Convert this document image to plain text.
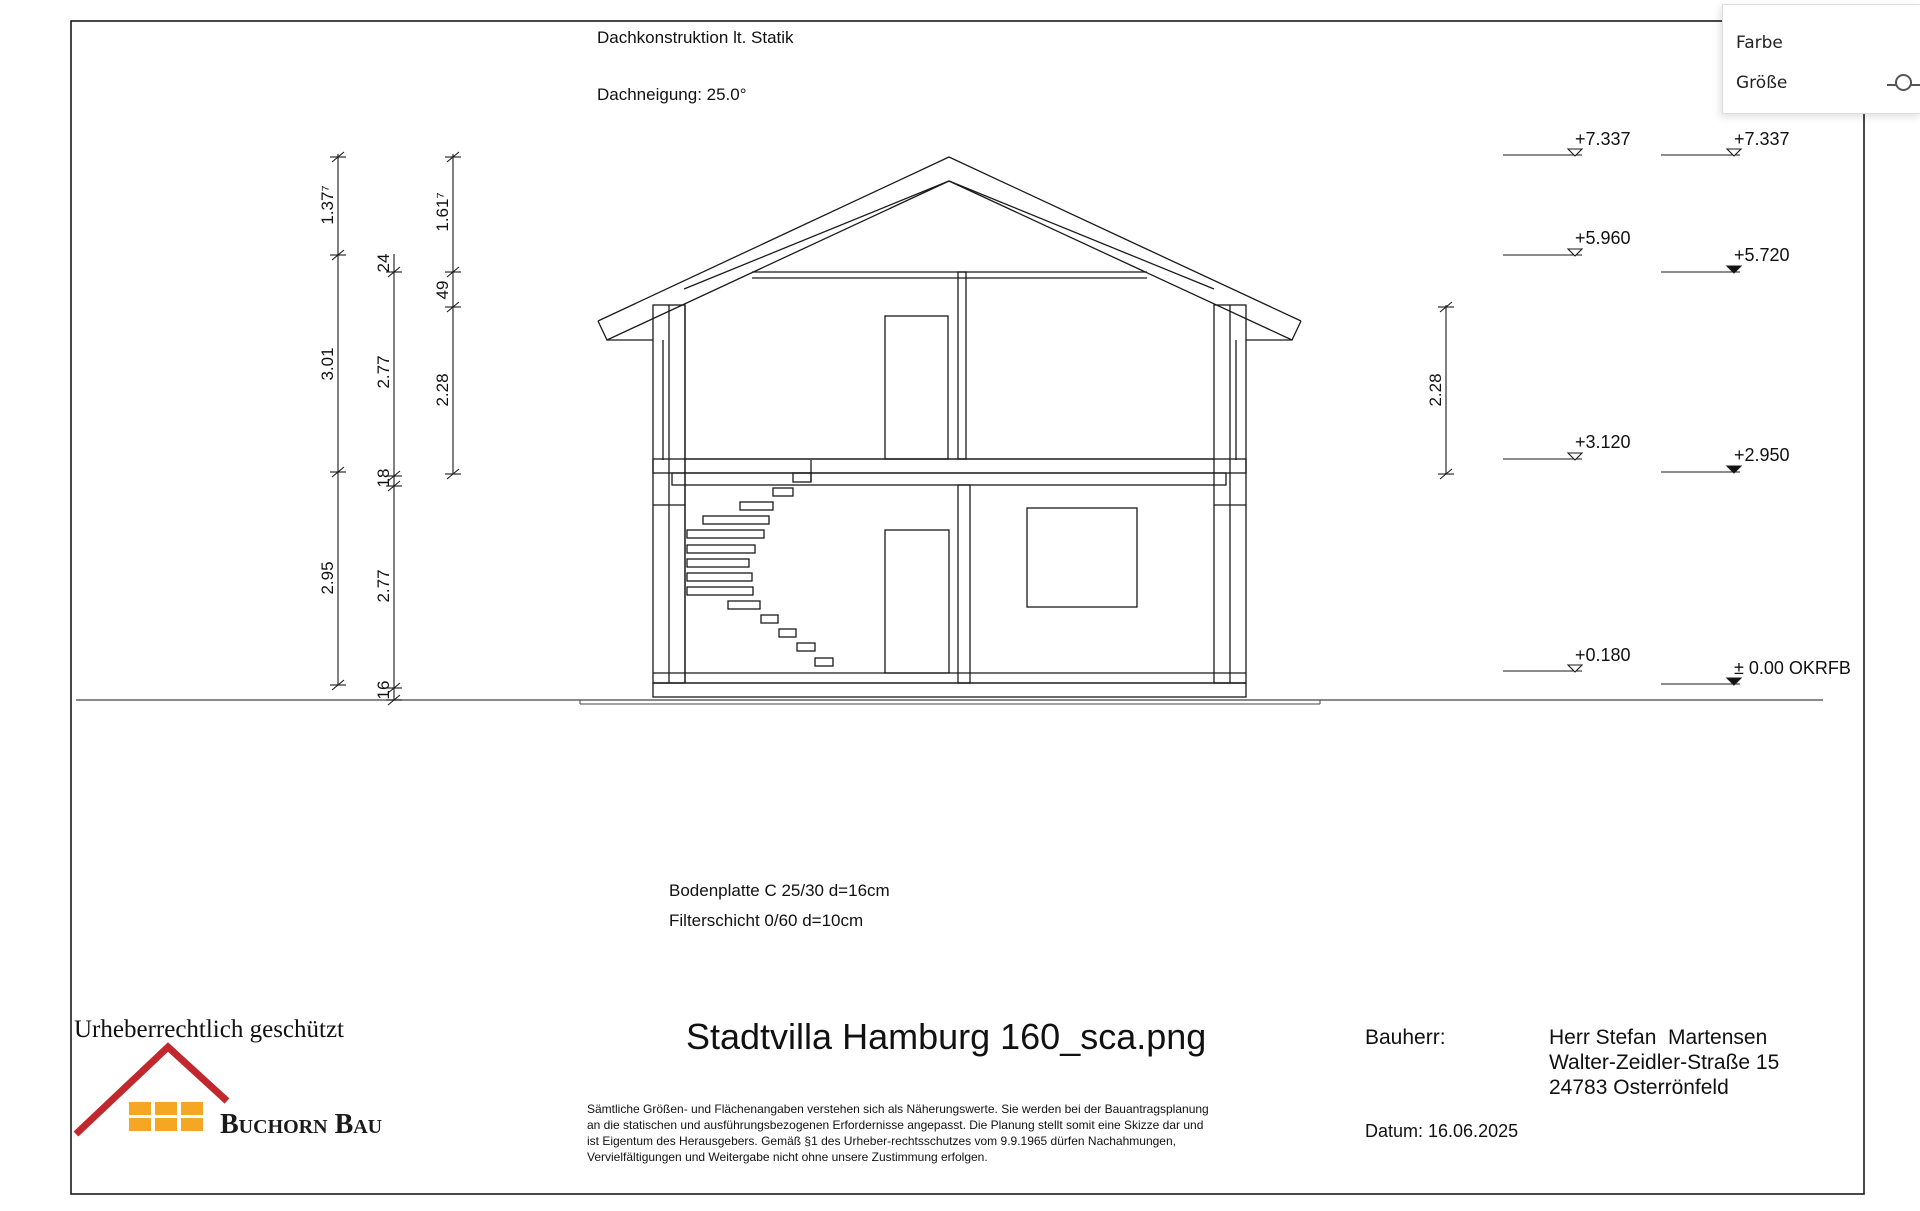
1.37⁷
3.01
2.95
24
2.77
18
2.77
16
1.61⁷
49
2.28	2.28
+7.337
+5.960
+3.120
+0.180
+7.337
+5.720
+2.950
± 0.00 OKRFB
Dachkonstruktion lt. Statik
Dachneigung: 25.0°
Bodenplatte C 25/30 d=16cm
Filterschicht 0/60 d=10cm
Urheberrechtlich geschützt
Buchorn Bau
Stadtvilla Hamburg 160_sca.png
Sämtliche Größen- und Flächenangaben verstehen sich als Näherungswerte. Sie werden bei der Bauantragsplanung
an die statischen und ausführungsbezogenen Erfordernisse angepasst. Die Planung stellt somit eine Skizze dar und
ist Eigentum des Herausgebers. Gemäß §1 des Urheber-rechtsschutzes vom 9.9.1965 dürfen Nachahmungen,
Vervielfältigungen und Weitergabe nicht ohne unsere Zustimmung erfolgen.
Bauherr:	Herr Stefan  Martensen
Walter-Zeidler-Straße 15
24783 Osterrönfeld
Datum: 16.06.2025
Farbe
Größe
